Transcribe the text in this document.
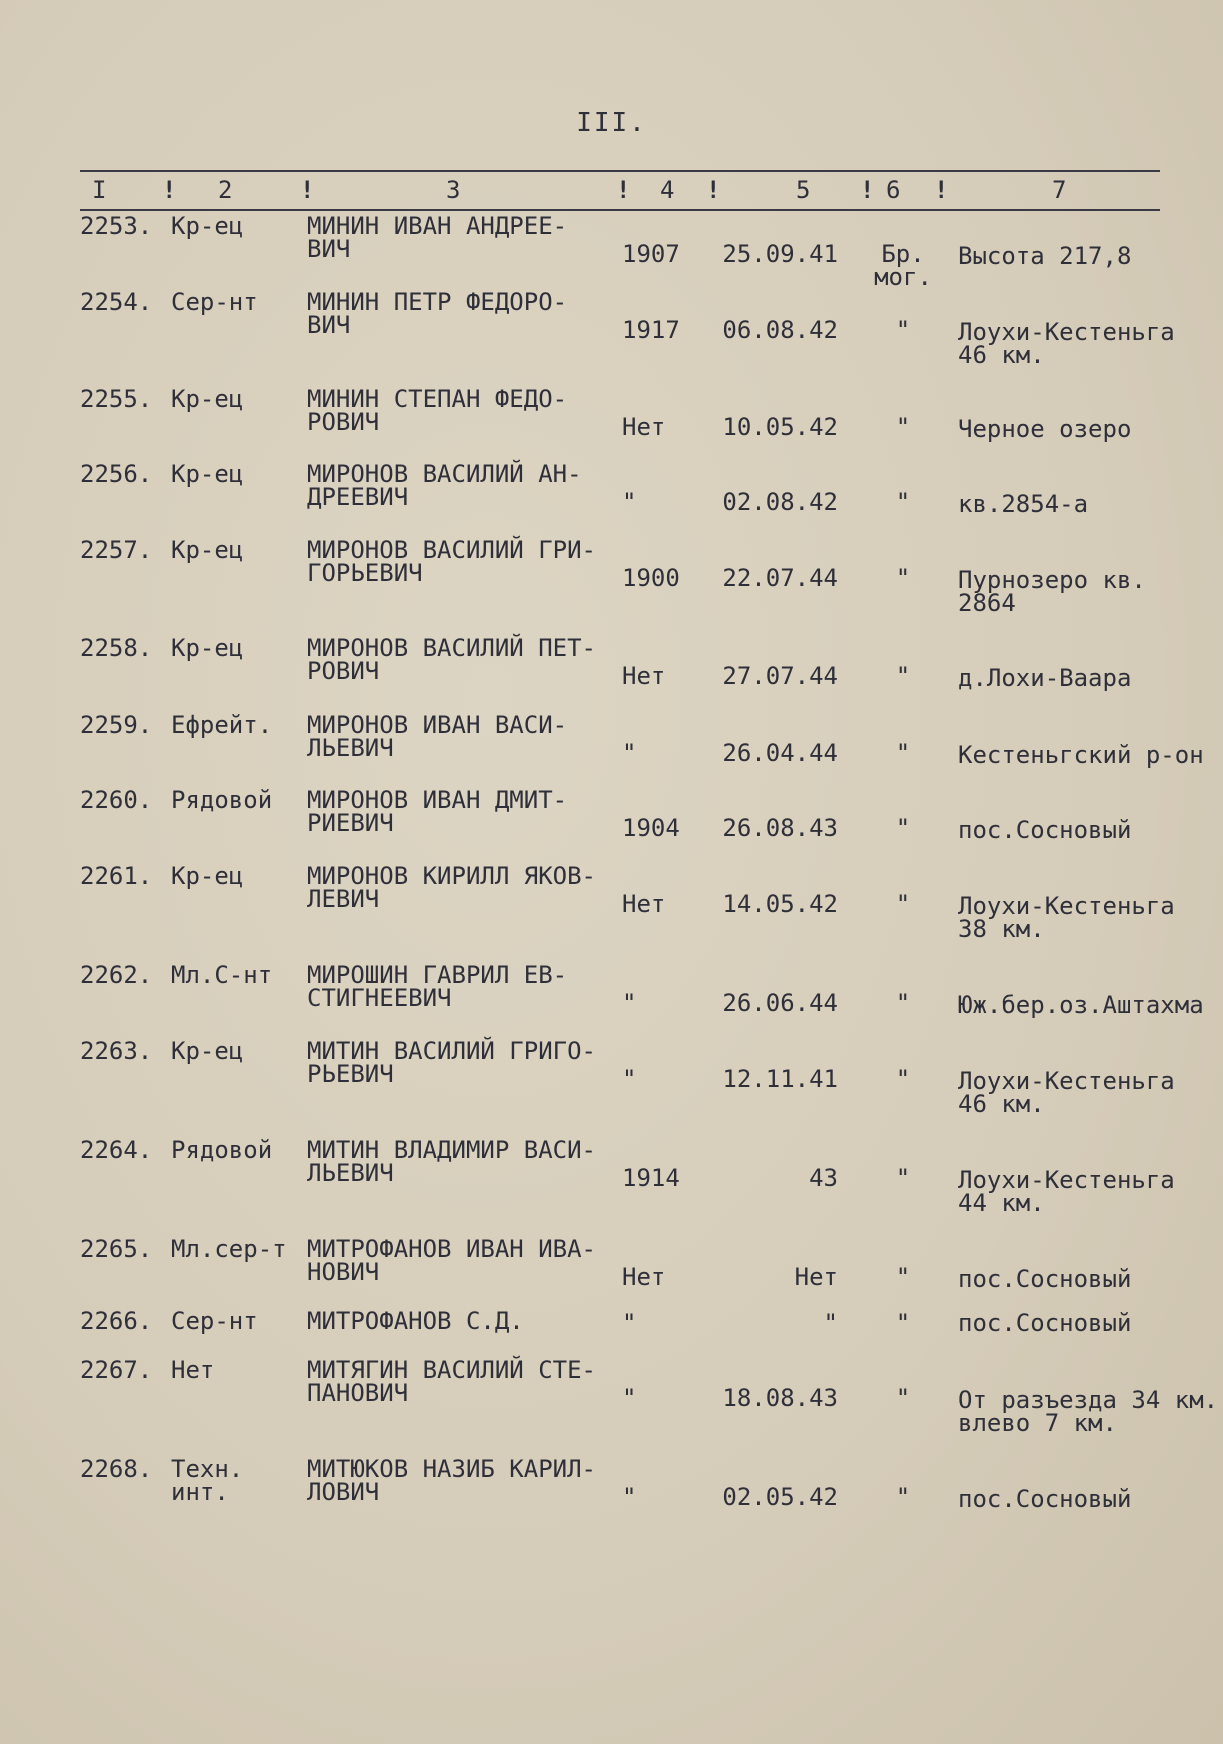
III.
I ! 2	!	3	! 4 !	5 ! 6 !	7
2253. Кр-ец	МИНИН ИВАН АНДРЕЕ-
ВИЧ	1907	25.09.41	Бр.
мог.
Высота 217,8
2254. Сер-нт МИНИН ПЕТР ФЕДОРО-
ВИЧ	1917	06.08.42	"	Лоухи-Кестеньга
46 км.
2255. Кр-ец	МИНИН СТЕПАН ФЕДО-
РОВИЧ	Нет	10.05.42	"	Черное озеро
2256. Кр-ец	МИРОНОВ ВАСИЛИЙ АН-
ДРЕЕВИЧ	"	02.08.42	"	кв.2854-а
2257. Кр-ец	МИРОНОВ ВАСИЛИЙ ГРИ-
ГОРЬЕВИЧ	1900	22.07.44	"	Пурнозеро кв.
2864
2258. Кр-ец	МИРОНОВ ВАСИЛИЙ ПЕТ-
РОВИЧ	Нет	27.07.44	"	д.Лохи-Ваара
2259. Ефрейт. МИРОНОВ ИВАН ВАСИ-
ЛЬЕВИЧ	"	26.04.44	"	Кестеньгский р-он
2260. Рядовой МИРОНОВ ИВАН ДМИТ-
РИЕВИЧ	1904	26.08.43	"	пос.Сосновый
2261. Кр-ец	МИРОНОВ КИРИЛЛ ЯКОВ-
ЛЕВИЧ	Нет	14.05.42	"	Лоухи-Кестеньга
38 км.
2262. Мл.С-нт МИРОШИН ГАВРИЛ ЕВ-
СТИГНЕЕВИЧ	"	26.06.44	"	Юж.бер.оз.Аштахма
2263. Кр-ец	МИТИН ВАСИЛИЙ ГРИГО-
РЬЕВИЧ	"	12.11.41	"	Лоухи-Кестеньга
46 км.
2264. Рядовой МИТИН ВЛАДИМИР ВАСИ-
ЛЬЕВИЧ	1914	43	"	Лоухи-Кестеньга
44 км.
2265. Мл.сер-т МИТРОФАНОВ ИВАН ИВА-
НОВИЧ	Нет	Нет	"	пос.Сосновый
2266. Сер-нт МИТРОФАНОВ С.Д.	"	"	"	пос.Сосновый
2267. Нет	МИТЯГИН ВАСИЛИЙ СТЕ-
ПАНОВИЧ	"	18.08.43	"	От разъезда 34 км.
влево 7 км.
2268. Техн.
инт.
МИТЮКОВ НАЗИБ КАРИЛ-
ЛОВИЧ	"	02.05.42	"	пос.Сосновый
